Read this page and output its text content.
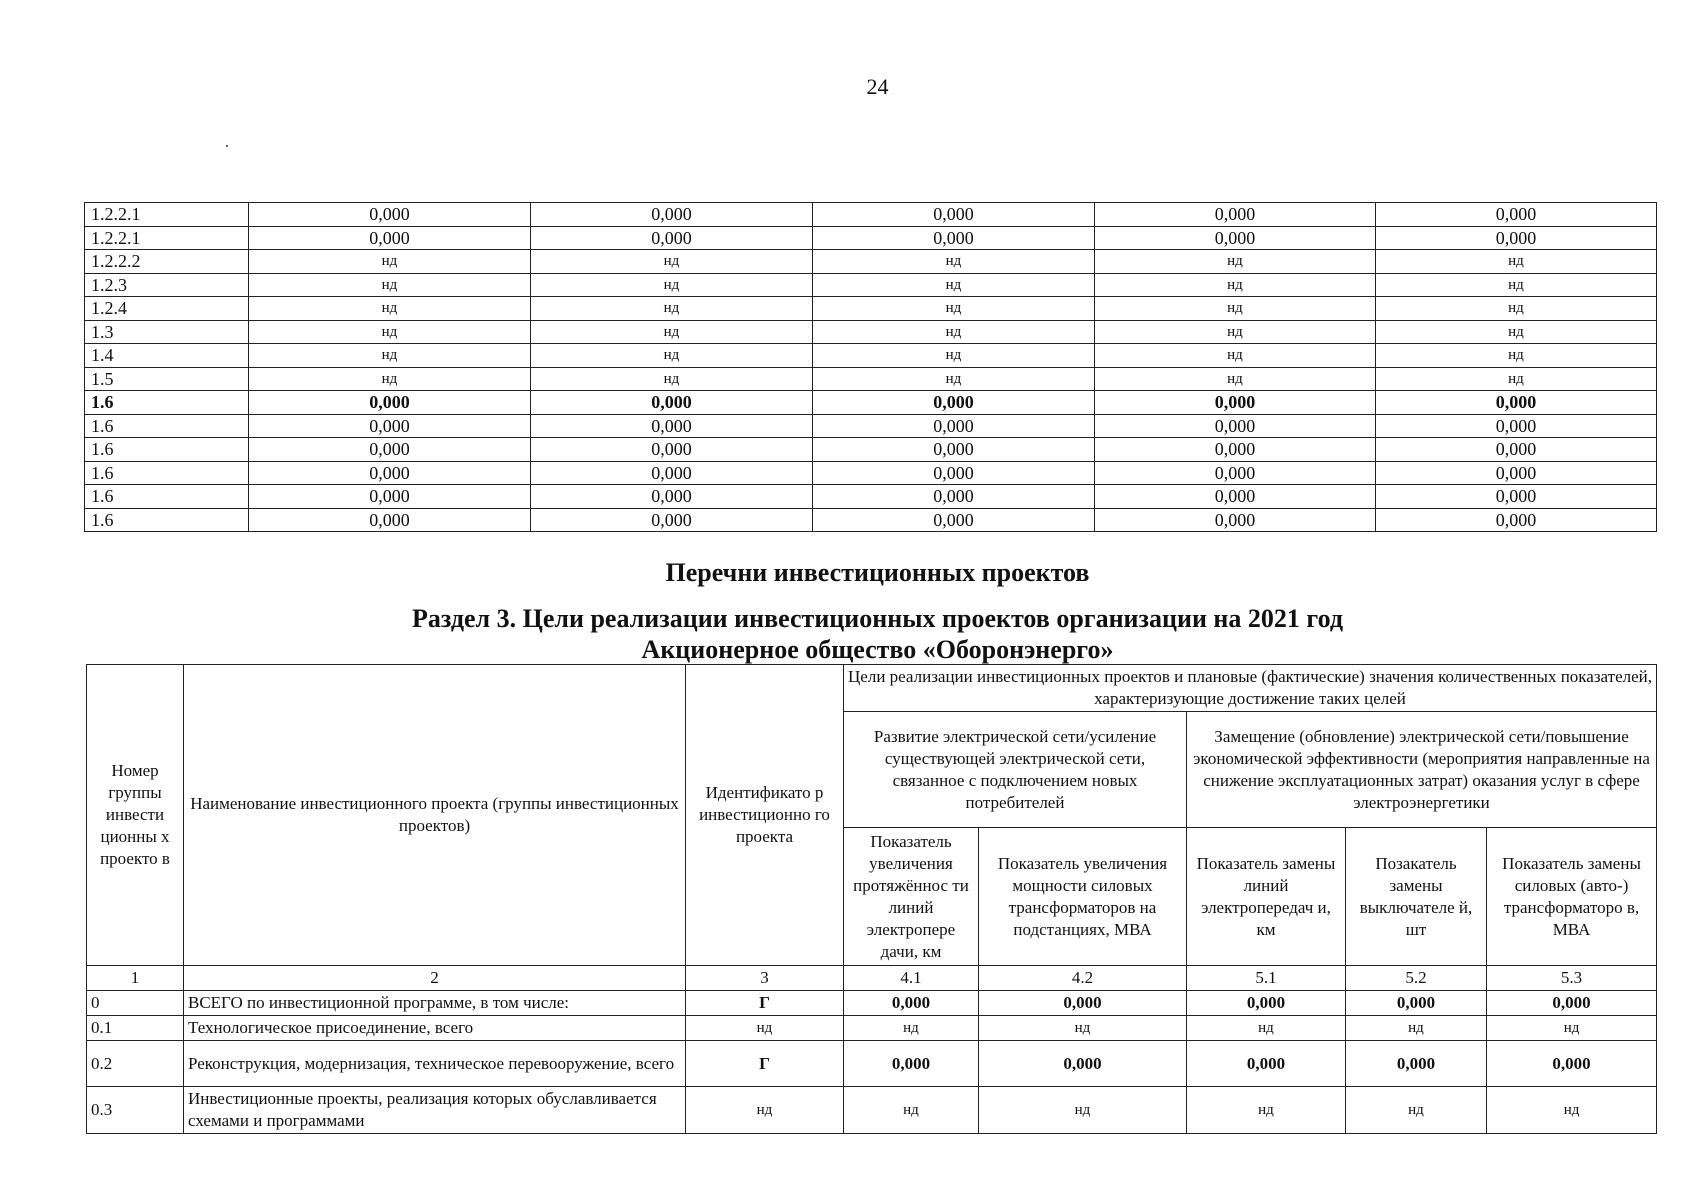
24
1.2.2.1	0,000	0,000	0,000	0,000	0,000
1.2.2.1	0,000	0,000	0,000	0,000	0,000
1.2.2.2	нд	нд	нд	нд	нд
1.2.3	нд	нд	нд	нд	нд
1.2.4	нд	нд	нд	нд	нд
1.3	нд	нд	нд	нд	нд
1.4	нд	нд	нд	нд	нд
1.5	нд	нд	нд	нд	нд
1.6	0,000	0,000	0,000	0,000	0,000
1.6	0,000	0,000	0,000	0,000	0,000
1.6	0,000	0,000	0,000	0,000	0,000
1.6	0,000	0,000	0,000	0,000	0,000
1.6	0,000	0,000	0,000	0,000	0,000
1.6	0,000	0,000	0,000	0,000	0,000
Перечни инвестиционных проектов
Раздел 3. Цели реализации инвестиционных проектов организации на 2021 год
Акционерное общество «Оборонэнерго»
Номер группы инвести ционны х проекто в	Наименование инвестиционного проекта (группы инвестиционных проектов)	Идентификато р инвестиционно го проекта	Цели реализации инвестиционных проектов и плановые (фактические) значения количественных показателей, характеризующие достижение таких целей				
			Развитие электрической сети/усиление существующей электрической сети, связанное с подключением новых потребителей		Замещение (обновление) электрической сети/повышение экономической эффективности (мероприятия направленные на снижение эксплуатационных затрат) оказания услуг в сфере электроэнергетики		
			Показатель увеличения протяжённос ти линий электропере дачи, км	Показатель увеличения мощности силовых трансформаторов на подстанциях, МВА	Показатель замены линий электропередач и, км	Позакатель замены выключателе й, шт	Показатель замены силовых (авто-) трансформаторо в, МВА
1	2	3	4.1	4.2	5.1	5.2	5.3
0	ВСЕГО по инвестиционной программе, в том числе:	Г	0,000	0,000	0,000	0,000	0,000
0.1	Технологическое присоединение, всего	нд	нд	нд	нд	нд	нд
0.2	Реконструкция, модернизация, техническое перевооружение, всего	Г	0,000	0,000	0,000	0,000	0,000
0.3	Инвестиционные проекты, реализация которых обуславливается схемами и программами	нд	нд	нд	нд	нд	нд
